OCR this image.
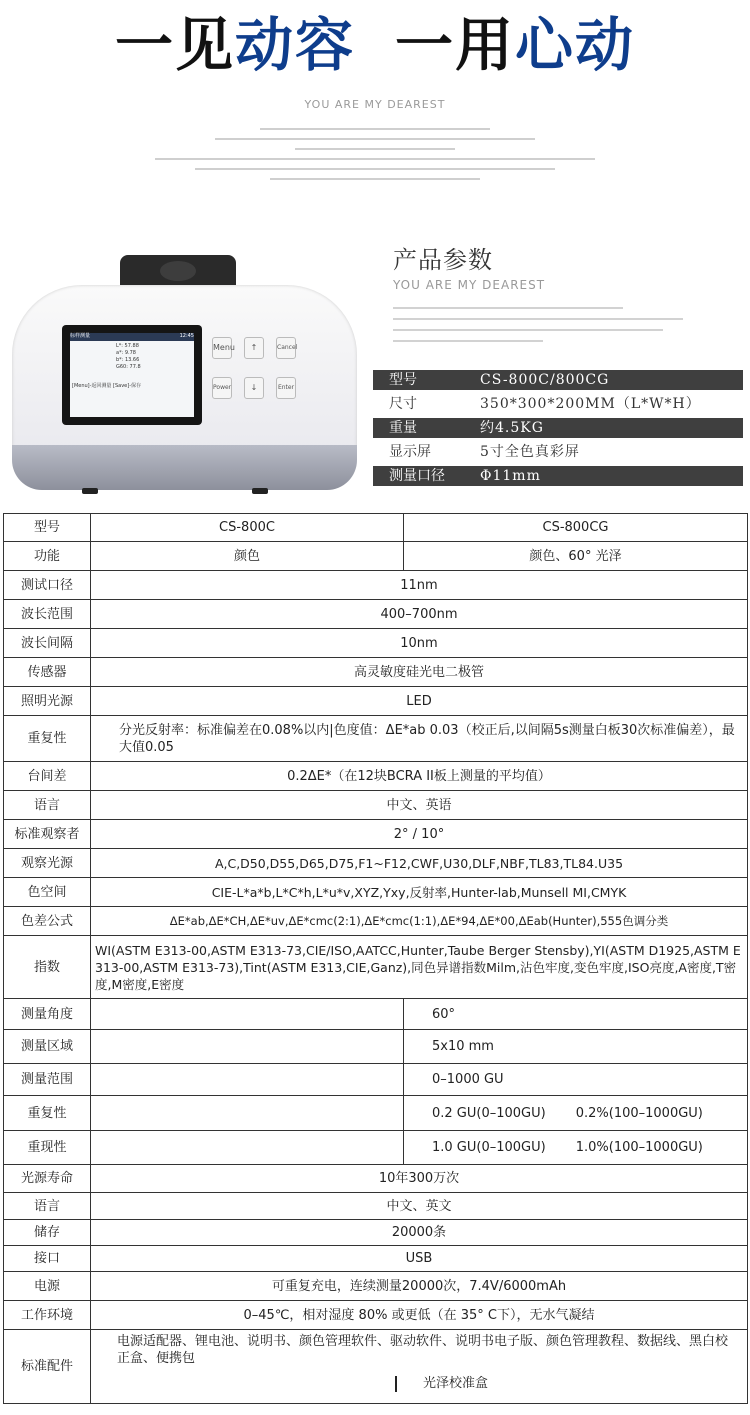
一见动容 一用心动
YOU ARE MY DEAREST
标样测量	12:45
L*: 57.88
a*: 9.78
b*: 13.66
G60: 77.8
[Menu]-返回测量 [Save]-保存
Menu	↑	Cancel
Power	↓	Enter
产品参数
YOU ARE MY DEAREST
型号	CS-800C/800CG
尺寸	350*300*200MM（L*W*H）
重量	约4.5KG
显示屏	5寸全色真彩屏
测量口径	Φ11mm
型号	CS-800C	CS-800CG
功能	颜色	颜色、60° 光泽
测试口径	11nm	
波长范围	400–700nm	
波长间隔	10nm	
传感器	高灵敏度硅光电二极管	
照明光源	LED	
重复性	分光反射率：标准偏差在0.08%以内|色度值：ΔE*ab 0.03（校正后,以间隔5s测量白板30次标准偏差），最大值0.05	
台间差	0.2ΔE*（在12块BCRA II板上测量的平均值）	
语言	中文、英语	
标准观察者	2° / 10°	
观察光源	A,C,D50,D55,D65,D75,F1~F12,CWF,U30,DLF,NBF,TL83,TL84.U35	
色空间	CIE-L*a*b,L*C*h,L*u*v,XYZ,Yxy,反射率,Hunter-lab,Munsell MI,CMYK	
色差公式	ΔE*ab,ΔE*CH,ΔE*uv,ΔE*cmc(2:1),ΔE*cmc(1:1),ΔE*94,ΔE*00,ΔEab(Hunter),555色调分类	
指数	WI(ASTM E313-00,ASTM E313-73,CIE/ISO,AATCC,Hunter,Taube Berger Stensby),YI(ASTM D1925,ASTM E313-00,ASTM E313-73),Tint(ASTM E313,CIE,Ganz),同色异谱指数Milm,沾色牢度,变色牢度,ISO亮度,A密度,T密度,M密度,E密度	
测量角度		60°
测量区域		5x10 mm
测量范围		0–1000 GU
重复性		0.2 GU(0–100GU) 0.2%(100–1000GU)
重现性		1.0 GU(0–100GU) 1.0%(100–1000GU)
光源寿命	10年300万次	
语言	中文、英文	
储存	20000条	
接口	USB	
电源	可重复充电，连续测量20000次，7.4V/6000mAh	
工作环境	0–45℃，相对湿度 80% 或更低（在 35° C下），无水气凝结	
标准配件	电源适配器、锂电池、说明书、颜色管理软件、驱动软件、说明书电子版、颜色管理教程、数据线、黑白校正盒、便携包
光泽校准盒	
